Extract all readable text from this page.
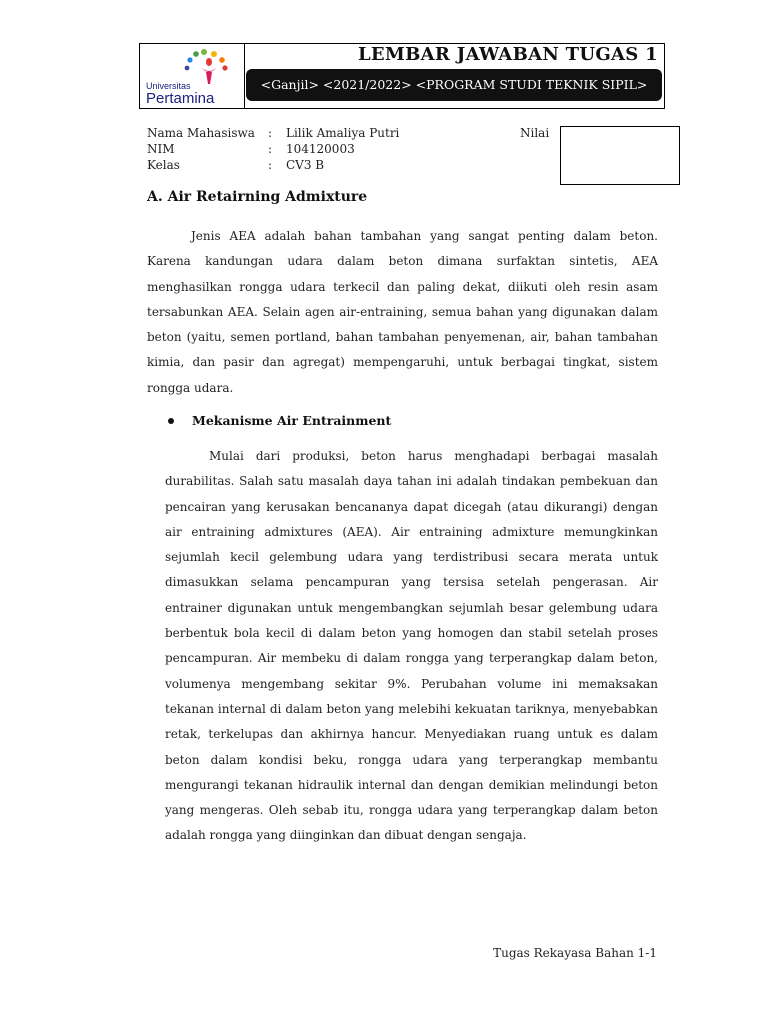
Universitas
Pertamina
LEMBAR JAWABAN TUGAS 1
<Ganjil> <2021/2022> <PROGRAM STUDI TEKNIK SIPIL>
Nama Mahasiswa : Lilik Amaliya Putri
NIM	: 104120003
Kelas	: CV3 B
Nilai
A. Air Retairning Admixture
Jenis AEA adalah bahan tambahan yang sangat penting dalam beton. Karena kandungan udara dalam beton dimana surfaktan sintetis, AEA menghasilkan rongga udara terkecil dan paling dekat, diikuti oleh resin asam tersabunkan AEA. Selain agen air-entraining, semua bahan yang digunakan dalam beton (yaitu, semen portland, bahan tambahan penyemenan, air, bahan tambahan kimia, dan pasir dan agregat) mempengaruhi, untuk berbagai tingkat, sistem rongga udara.
Mekanisme Air Entrainment
Mulai dari produksi, beton harus menghadapi berbagai masalah durabilitas. Salah satu masalah daya tahan ini adalah tindakan pembekuan dan pencairan yang kerusakan bencananya dapat dicegah (atau dikurangi) dengan air entraining admixtures (AEA). Air entraining admixture memungkinkan sejumlah kecil gelembung udara yang terdistribusi secara merata untuk dimasukkan selama pencampuran yang tersisa setelah pengerasan. Air entrainer digunakan untuk mengembangkan sejumlah besar gelembung udara berbentuk bola kecil di dalam beton yang homogen dan stabil setelah proses pencampuran. Air membeku di dalam rongga yang terperangkap dalam beton, volumenya mengembang sekitar 9%. Perubahan volume ini memaksakan tekanan internal di dalam beton yang melebihi kekuatan tariknya, menyebabkan retak, terkelupas dan akhirnya hancur. Menyediakan ruang untuk es dalam beton dalam kondisi beku, rongga udara yang terperangkap membantu mengurangi tekanan hidraulik internal dan dengan demikian melindungi beton yang mengeras. Oleh sebab itu, rongga udara yang terperangkap dalam beton adalah rongga yang diinginkan dan dibuat dengan sengaja.
Tugas Rekayasa Bahan 1-1
